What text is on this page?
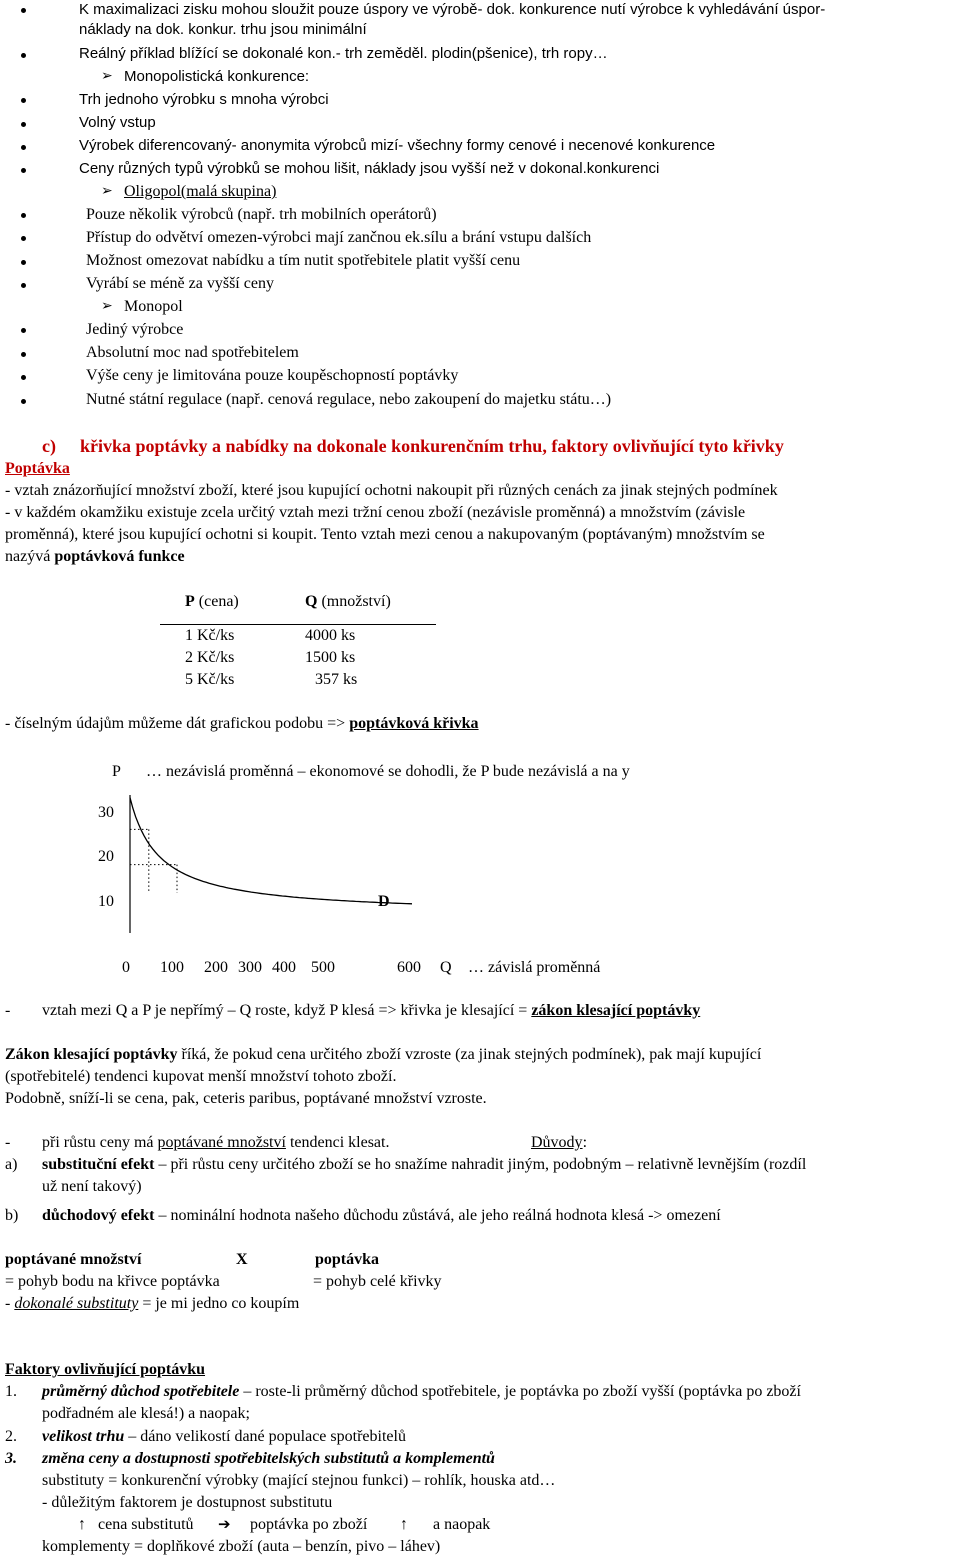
K maximalizaci zisku mohou sloužit pouze úspory ve výrobě- dok. konkurence nutí výrobce k vyhledávání úspor-
náklady na dok. konkur. trhu jsou minimální
Reálný příklad blížící se dokonalé kon.- trh zeměděl. plodin(pšenice), trh ropy…
➢ Monopolistická konkurence:
Trh jednoho výrobku s mnoha výrobci
Volný vstup
Výrobek diferencovaný- anonymita výrobců mizí- všechny formy cenové i necenové konkurence
Ceny různých typů výrobků se mohou lišit, náklady jsou vyšší než v dokonal.konkurenci
➢ Oligopol(malá skupina)
Pouze několik výrobců (např. trh mobilních operátorů)
Přístup do odvětví omezen-výrobci mají zančnou ek.sílu a brání vstupu dalších
Možnost omezovat nabídku a tím nutit spotřebitele platit vyšší cenu
Vyrábí se méně za vyšší ceny
➢ Monopol
Jediný výrobce
Absolutní moc nad spotřebitelem
Výše ceny je limitována pouze koupěschopností poptávky
Nutné státní regulace (např. cenová regulace, nebo zakoupení do majetku státu…)
c) křivka poptávky a nabídky na dokonale konkurenčním trhu, faktory ovlivňující tyto křivky
Poptávka
- vztah znázorňující množství zboží, které jsou kupující ochotni nakoupit při různých cenách za jinak stejných podmínek
- v každém okamžiku existuje zcela určitý vztah mezi tržní cenou zboží (nezávisle proměnná) a množstvím (závisle
proměnná), které jsou kupující ochotni si koupit. Tento vztah mezi cenou a nakupovaným (poptávaným) množstvím se
nazývá poptávková funkce
P (cena)	Q (množství)
1 Kč/ks	4000 ks
2 Kč/ks	1500 ks
5 Kč/ks	357 ks
- číselným údajům můžeme dát grafickou podobu => poptávková křivka
P … nezávislá proměnná – ekonomové se dohodli, že P bude nezávislá a na y
30
20
10
0 100 200 300 400 500	600 Q … závislá proměnná
D
- vztah mezi Q a P je nepřímý – Q roste, když P klesá => křivka je klesající = zákon klesající poptávky
Zákon klesající poptávky říká, že pokud cena určitého zboží vzroste (za jinak stejných podmínek), pak mají kupující
(spotřebitelé) tendenci kupovat menší množství tohoto zboží.
Podobně, sníží-li se cena, pak, ceteris paribus, poptávané množství vzroste.
- při růstu ceny má poptávané množství tendenci klesat.	Důvody:
a) substituční efekt – při růstu ceny určitého zboží se ho snažíme nahradit jiným, podobným – relativně levnějším (rozdíl
už není takový)
b) důchodový efekt – nominální hodnota našeho důchodu zůstává, ale jeho reálná hodnota klesá -> omezení
poptávané množství	X	poptávka
= pohyb bodu na křivce poptávka	= pohyb celé křivky
- dokonalé substituty = je mi jedno co koupím
Faktory ovlivňující poptávku
1. průměrný důchod spotřebitele – roste-li průměrný důchod spotřebitele, je poptávka po zboží vyšší (poptávka po zboží
podřadném ale klesá!) a naopak;
2. velikost trhu – dáno velikostí dané populace spotřebitelů
3. změna ceny a dostupnosti spotřebitelských substitutů a komplementů
substituty = konkurenční výrobky (mající stejnou funkci) – rohlík, houska atd…
- důležitým faktorem je dostupnost substitutu
↑ cena substitutů ➔ poptávka po zboží ↑ a naopak
komplementy = doplňkové zboží (auta – benzín, pivo – láhev)
